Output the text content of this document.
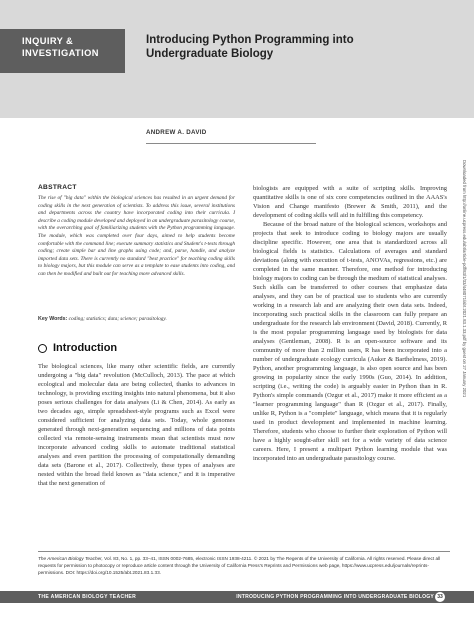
INQUIRY & INVESTIGATION
Introducing Python Programming into Undergraduate Biology
ANDREW A. DAVID
ABSTRACT
The rise of "big data" within the biological sciences has resulted in an urgent demand for coding skills in the next generation of scientists. To address this issue, several institutions and departments across the country have incorporated coding into their curricula. I describe a coding module developed and deployed in an undergraduate parasitology course, with the overarching goal of familiarizing students with the Python programming language. The module, which was completed over four days, aimed to help students become comfortable with the command line; execute summary statistics and Student's t-tests through coding; create simple bar and line graphs using code; and, parse, handle, and analyze imported data sets. There is currently no standard "best practice" for teaching coding skills to biology majors, but this module can serve as a template to ease students into coding, and can then be modified and built out for teaching more advanced skills.
Key Words: coding; statistics; data; science; parasitology.
Introduction
The biological sciences, like many other scientific fields, are currently undergoing a "big data" revolution (McCulloch, 2013). The pace at which ecological and molecular data are being collected, thanks to advances in technology, is providing exciting insights into natural phenomena, but it also poses serious challenges for data analyses (Li & Chen, 2014). As early as two decades ago, simple spreadsheet-style programs such as Excel were considered sufficient for analyzing data sets. Today, whole genomes generated through next-generation sequencing and millions of data points collected via remote-sensing instruments mean that scientists must now incorporate advanced coding skills to automate traditional statistical analyses and even partition the processing of computationally demanding data sets (Barone et al., 2017). Collectively, these types of analyses are nested within the broad field known as "data science," and it is imperative that the next generation of
biologists are equipped with a suite of scripting skills. Improving quantitative skills is one of six core competencies outlined in the AAAS's Vision and Change manifesto (Brewer & Smith, 2011), and the development of coding skills will aid in fulfilling this competency.
Because of the broad nature of the biological sciences, workshops and projects that seek to introduce coding to biology majors are usually discipline specific. However, one area that is standardized across all biological fields is statistics. Calculations of averages and standard deviations (along with execution of t-tests, ANOVAs, regressions, etc.) are completed in the same manner. Therefore, one method for introducing biology majors to coding can be through the medium of statistical analyses. Such skills can be transferred to other courses that emphasize data analyses, and they can be of practical use to students who are currently working in a research lab and are analyzing their own data sets. Indeed, incorporating such practical skills in the classroom can fully prepare an undergraduate for the research lab environment (David, 2018). Currently, R is the most popular programming language used by biologists for data analyses (Gentleman, 2008). R is an open-source software and its community of more than 2 million users, R has been incorporated into a number of undergraduate ecology curricula (Auker & Barthelmess, 2019). Python, another programming language, is also open source and has been growing in popularity since the early 1990s (Guo, 2014). In addition, scripting (i.e., writing the code) is arguably easier in Python than in R. Python's simple commands (Ozgur et al., 2017) make it more efficient as a "learner programming language" than R (Ozgur et al., 2017). Finally, unlike R, Python is a "complete" language, which means that it is regularly used in product development and implemented in machine learning. Therefore, students who choose to further their exploration of Python will have a highly sought-after skill set for a wide variety of data science careers. Here, I present a multipart Python learning module that was incorporated into an undergraduate parasitology course.
The American Biology Teacher, Vol. 83, No. 1, pp. 33–41, ISSN 0002-7685, electronic ISSN 1938-4211. © 2021 by The Regents of the University of California. All rights reserved. Please direct all requests for permission to photocopy or reproduce article content through the University of California Press's Reprints and Permissions web page, https://www.ucpress.edu/journals/reprints-permissions. DOI: https://doi.org/10.1525/abt.2021.83.1.33.
THE AMERICAN BIOLOGY TEACHER	INTRODUCING PYTHON PROGRAMMING INTO UNDERGRADUATE BIOLOGY 33
Downloaded from http://online.ucpress.edu/abt/article-pdf/83/1/33/448071/abt.2021.83.1.33.pdf by guest on 27 January 2021
